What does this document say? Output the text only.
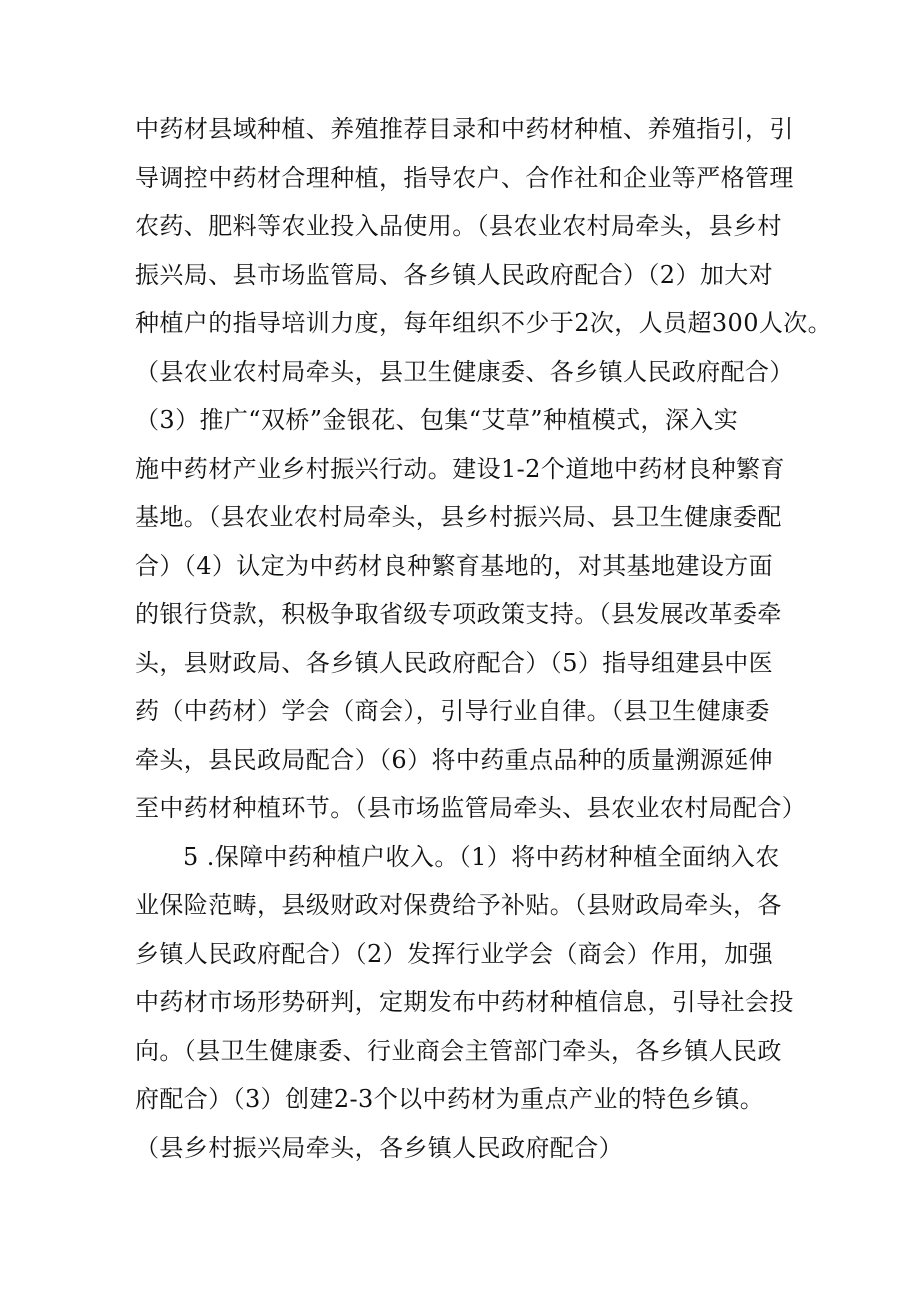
中药材县域种植、养殖推荐目录和中药材种植、养殖指引，引
导调控中药材合理种植，指导农户、合作社和企业等严格管理
农药、肥料等农业投入品使用。（县农业农村局牵头，县乡村
振兴局、县市场监管局、各乡镇人民政府配合）（2）加大对
种植户的指导培训力度，每年组织不少于2次，人员超300人次。
（县农业农村局牵头，县卫生健康委、各乡镇人民政府配合）
（3）推广“双桥”金银花、包集“艾草”种植模式，深入实
施中药材产业乡村振兴行动。建设1-2个道地中药材良种繁育
基地。（县农业农村局牵头，县乡村振兴局、县卫生健康委配
合）（4）认定为中药材良种繁育基地的，对其基地建设方面
的银行贷款，积极争取省级专项政策支持。（县发展改革委牵
头，县财政局、各乡镇人民政府配合）（5）指导组建县中医
药（中药材）学会（商会），引导行业自律。（县卫生健康委
牵头，县民政局配合）（6）将中药重点品种的质量溯源延伸
至中药材种植环节。（县市场监管局牵头、县农业农村局配合）
5 .保障中药种植户收入。（1）将中药材种植全面纳入农
业保险范畴，县级财政对保费给予补贴。（县财政局牵头，各
乡镇人民政府配合）（2）发挥行业学会（商会）作用，加强
中药材市场形势研判，定期发布中药材种植信息，引导社会投
向。（县卫生健康委、行业商会主管部门牵头，各乡镇人民政
府配合）（3）创建2-3个以中药材为重点产业的特色乡镇。
（县乡村振兴局牵头，各乡镇人民政府配合）
